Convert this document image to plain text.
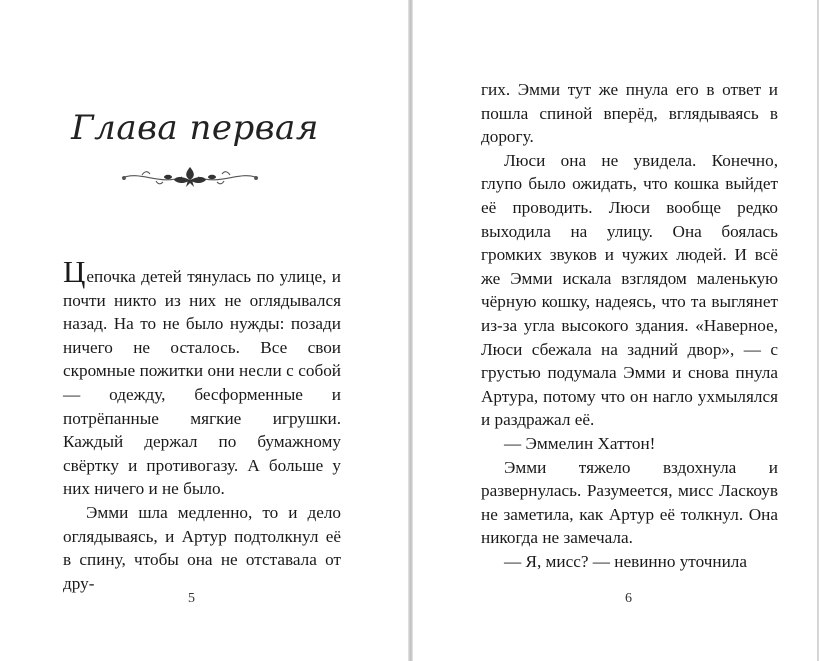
Глава первая

Цепочка детей тянулась по улице, и почти никто из них не оглядывался назад. На то не было нужды: позади ничего не осталось. Все свои скромные пожитки они несли с собой — одежду, бесформенные и потрёпанные мягкие игрушки. Каждый держал по бумажному свёртку и противогазу. А больше у них ничего и не было.

Эмми шла медленно, то и дело оглядываясь, и Артур подтолкнул её в спину, чтобы она не отставала от дру-

5	6

гих. Эмми тут же пнула его в ответ и пошла спиной вперёд, вглядываясь в дорогу.

Люси она не увидела. Конечно, глупо было ожидать, что кошка выйдет её проводить. Люси вообще редко выходила на улицу. Она боялась громких звуков и чужих людей. И всё же Эмми искала взглядом маленькую чёрную кошку, надеясь, что та выглянет из-за угла высокого здания. «Наверное, Люси сбежала на задний двор», — с грустью подумала Эмми и снова пнула Артура, потому что он нагло ухмылялся и раздражал её.

— Эммелин Хаттон!

Эмми тяжело вздохнула и развернулась. Разумеется, мисс Ласкоув не заметила, как Артур её толкнул. Она никогда не замечала.

— Я, мисс? — невинно уточнила
